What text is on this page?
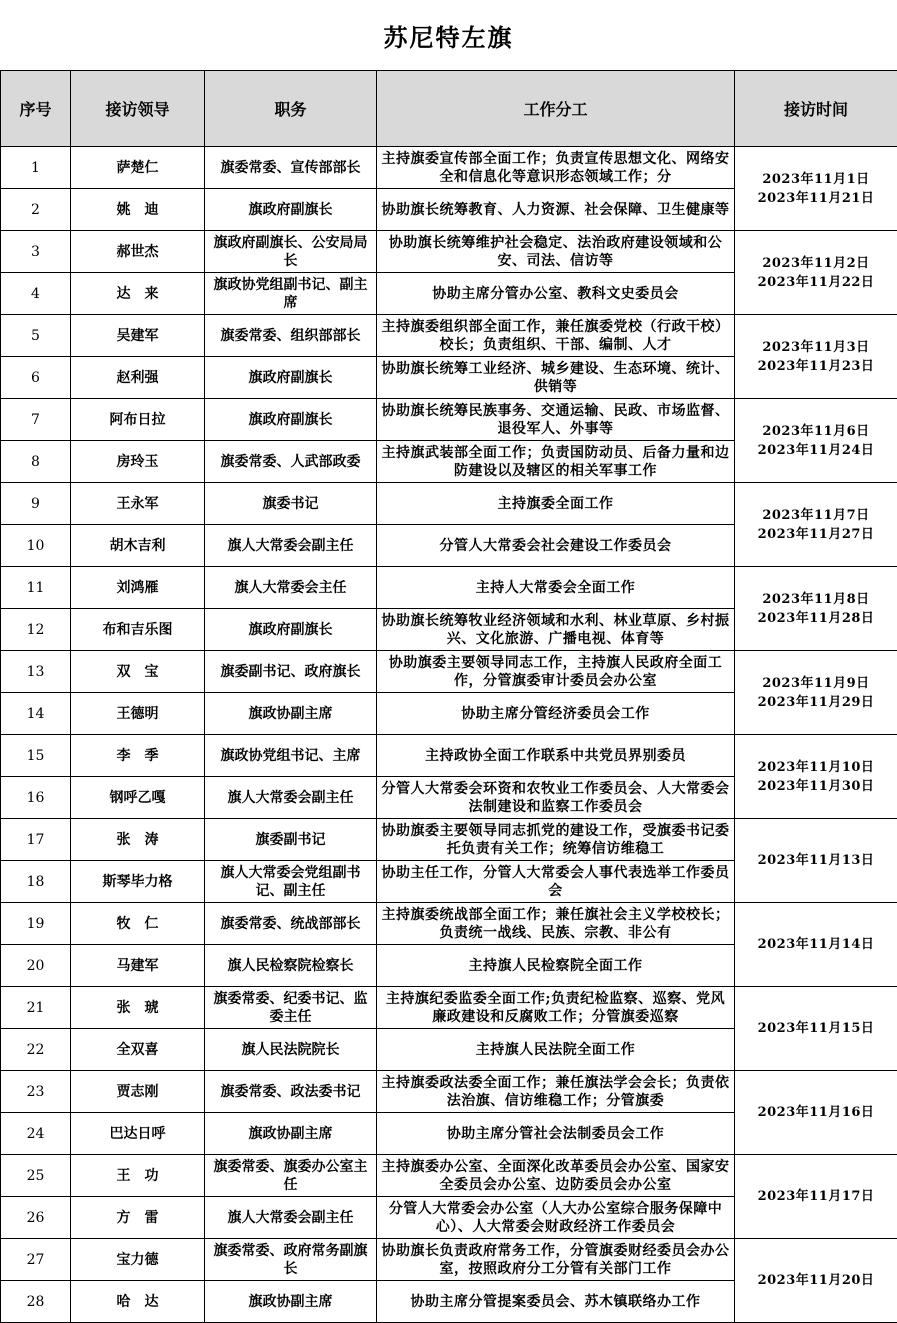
苏尼特左旗
序号	接访领导	职务	工作分工	接访时间
1	萨楚仁	旗委常委、宣传部部长	主持旗委宣传部全面工作；负责宣传思想文化、网络安全和信息化等意识形态领域工作；分	2023年11月1日
2023年11月21日

2	姚　迪	旗政府副旗长	协助旗长统筹教育、人力资源、社会保障、卫生健康等	

3	郝世杰	旗政府副旗长、公安局局长	协助旗长统筹维护社会稳定、法治政府建设领域和公安、司法、信访等	2023年11月2日
2023年11月22日

4	达　来	旗政协党组副书记、副主席	协助主席分管办公室、教科文史委员会	

5	吴建军	旗委常委、组织部部长	主持旗委组织部全面工作，兼任旗委党校（行政干校）校长；负责组织、干部、编制、人才	2023年11月3日
2023年11月23日

6	赵利强	旗政府副旗长	协助旗长统筹工业经济、城乡建设、生态环境、统计、供销等	

7	阿布日拉	旗政府副旗长	协助旗长统筹民族事务、交通运输、民政、市场监督、退役军人、外事等	2023年11月6日
2023年11月24日

8	房玲玉	旗委常委、人武部政委	主持旗武装部全面工作；负责国防动员、后备力量和边防建设以及辖区的相关军事工作	

9	王永军	旗委书记	主持旗委全面工作	2023年11月7日
2023年11月27日

10	胡木吉利	旗人大常委会副主任	分管人大常委会社会建设工作委员会	

11	刘鸿雁	旗人大常委会主任	主持人大常委会全面工作	2023年11月8日
2023年11月28日

12	布和吉乐图	旗政府副旗长	协助旗长统筹牧业经济领域和水利、林业草原、乡村振兴、文化旅游、广播电视、体育等	

13	双　宝	旗委副书记、政府旗长	协助旗委主要领导同志工作，主持旗人民政府全面工作，分管旗委审计委员会办公室	2023年11月9日
2023年11月29日

14	王德明	旗政协副主席	协助主席分管经济委员会工作	

15	李　季	旗政协党组书记、主席	主持政协全面工作联系中共党员界别委员	2023年11月10日
2023年11月30日

16	钢呼乙嘎	旗人大常委会副主任	分管人大常委会环资和农牧业工作委员会、人大常委会法制建设和监察工作委员会	

17	张　涛	旗委副书记	协助旗委主要领导同志抓党的建设工作，受旗委书记委托负责有关工作；统筹信访维稳工	2023年11月13日

18	斯琴毕力格	旗人大常委会党组副书记、副主任	协助主任工作，分管人大常委会人事代表选举工作委员会	

19	牧　仁	旗委常委、统战部部长	主持旗委统战部全面工作；兼任旗社会主义学校校长；负责统一战线、民族、宗教、非公有	2023年11月14日

20	马建军	旗人民检察院检察长	主持旗人民检察院全面工作	

21	张　琥	旗委常委、纪委书记、监委主任	主持旗纪委监委全面工作;负责纪检监察、巡察、党风廉政建设和反腐败工作；分管旗委巡察	2023年11月15日

22	全双喜	旗人民法院院长	主持旗人民法院全面工作	

23	贾志刚	旗委常委、政法委书记	主持旗委政法委全面工作；兼任旗法学会会长；负责依法治旗、信访维稳工作；分管旗委	2023年11月16日

24	巴达日呼	旗政协副主席	协助主席分管社会法制委员会工作	

25	王　功	旗委常委、旗委办公室主任	主持旗委办公室、全面深化改革委员会办公室、国家安全委员会办公室、边防委员会办公室	2023年11月17日

26	方　雷	旗人大常委会副主任	分管人大常委会办公室（人大办公室综合服务保障中心）、人大常委会财政经济工作委员会	

27	宝力德	旗委常委、政府常务副旗长	协助旗长负责政府常务工作，分管旗委财经委员会办公室，按照政府分工分管有关部门工作	2023年11月20日

28	哈　达	旗政协副主席	协助主席分管提案委员会、苏木镇联络办工作	
